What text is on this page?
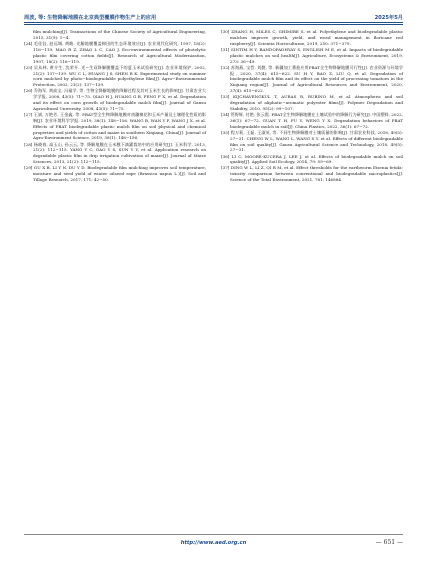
周波, 等: 生物降解地膜在北京典型覆膜作物生产上的应用	2025年5月

film mulching[J]. Transactions of the Chinese Society of Agricultural Engineering, 2015, 31(9): 1−4.

[24] 毛佳钰, 赵远城, 黄瞻. 光解地膜覆盖棉田的生态环境效应[J]. 农业现代化研究, 1997, 18(2): 116−119. MAO R Z, ZHAO L C, CAO J. Eco-environmental effects of photolytic plastic film covering cotton fields[J]. Research of Agricultural Modernization, 1997, 18(2): 116−119.

[25] 吴从林, 黄介生, 沈荣开. 光−生双降解膜覆盖下的夏玉米试验研究[J]. 农业环境保护, 2002, 21(2): 137−139. WU C L, HUANG J S, SHEN R K. Experimental study on summer corn mulched by photo−biodegradable polyethylene film[J]. Agro−Environmental Protection, 2002, 21(2): 137−139.

[26] 乔海军, 黄高宝, 冯福学, 等. 生物全降解地膜的降解过程及其对玉米生长的影响[J]. 甘肃农业大学学报, 2008, 43(5): 71−75. QIAO H J, HUANG G B, FENG F X, et al. Degradation and its effect on corn growth of biodegradable mulch film[J]. Journal of Gansu Agricultural University, 2008, 43(5): 71−75.

[27] 王斌, 万艳芳, 王金鑫, 等. PBAT型全生物降解地膜对南疆棉花和玉米产量及土壤理化性质的影响[J]. 农业环境科学学报, 2019, 38(1): 148−156. WANG B, WAN Y F, WANG J X, et al. Effects of PBAT biodegradable plastic mulch film on soil physical and chemical properties and yields of cotton and maize in southern Xinjiang, China[J]. Journal of Agro-Environment Science, 2019, 38(1): 148−156.

[28] 杨晓春, 高玉山, 孙云云, 等. 降解地膜在玉米膜下滴灌栽培中的应用研究[J]. 玉米科学, 2013, 21(2): 112−115. YANG Y C, GAO Y S, SUN Y Y, et al. Application research on degradable plastic film in drip irrigation cultivation of maize[J]. Journal of Maize Sciences, 2013, 21(2): 112−115.

[29] GU X B, LI Y N, DU Y D. Biodegradable film mulching improves soil temperature, moisture and seed yield of winter oilseed rape (Brassica napus L.)[J]. Soil and Tillage Research, 2017, 171: 42−50.

[30] ZHANG H, MILES C, GHIMIRE S, et al. Polyethylene and biodegradable plastic mulches improve growth, yield, and weed management in floricane red raspberry[J]. Scientia Horticulturae, 2019, 250: 371−379.

[31] SINTIM H Y, BANDOPADHYAY S, ENGLISH M E, et al. Impacts of biodegradable plastic mulches on soil health[J]. Agriculture, Ecosystems & Environment, 2019, 273: 36−49.

[32] 苏海燕, 宝哲, 刘勤, 等. 新疆加工番茄应用PBAT全生物降解地膜可行性[J]. 农业资源与环境学报, 2020, 37(4): 615−622. SU H Y, BAO Z, LIU Q, et al. Degradation of biodegradable mulch film and its effect on the yield of processing tomatoes in the Xinjiang region[J]. Journal of Agricultural Resources and Environment, 2020, 37(4): 615−622.

[33] KIJCHAVENGKUL T, AURAS R, RUBINO M, et al. Atmospheric and soil degradation of aliphatic−aromatic polyester films[J]. Polymer Degradation and Stability, 2010, 95(2): 99−107.

[34] 管野辉, 付艳, 张云霞. PBAT全生物降解地膜在土壤试验中的降解行为研究[J]. 中国塑料, 2022, 36(1): 67−72. GUAN T H, FU Y, WENG Y X. Degradation behaviors of PBAT biodegradable mulch in soil[J]. China Plastics, 2022, 36(1): 67−72.

[35] 程万莉, 王磊, 王淑英, 等. 不同生物降解膜对土壤质量的影响[J]. 甘肃农业科技, 2018, 49(5): 27−31. CHENG W L, WANG L, WANG S Y, et al. Effects of different biodegradable film on soil quality[J]. Gansu Agricultural Science and Technology, 2018, 49(5): 27−31.

[36] LI C, MOORE-KUCERA J, LEE J, et al. Effects of biodegradable mulch on soil quality[J]. Applied Soil Ecology, 2014, 79: 59−69.

[37] DING W L, LI Z, QI R M, et al. Effect thresholds for the earthworm Eisenia fetida: toxicity comparison between conventional and biodegradable microplastics[J]. Science of the Total Environment, 2021, 781: 146884.

http://www.aed.org.cn	— 651 —
